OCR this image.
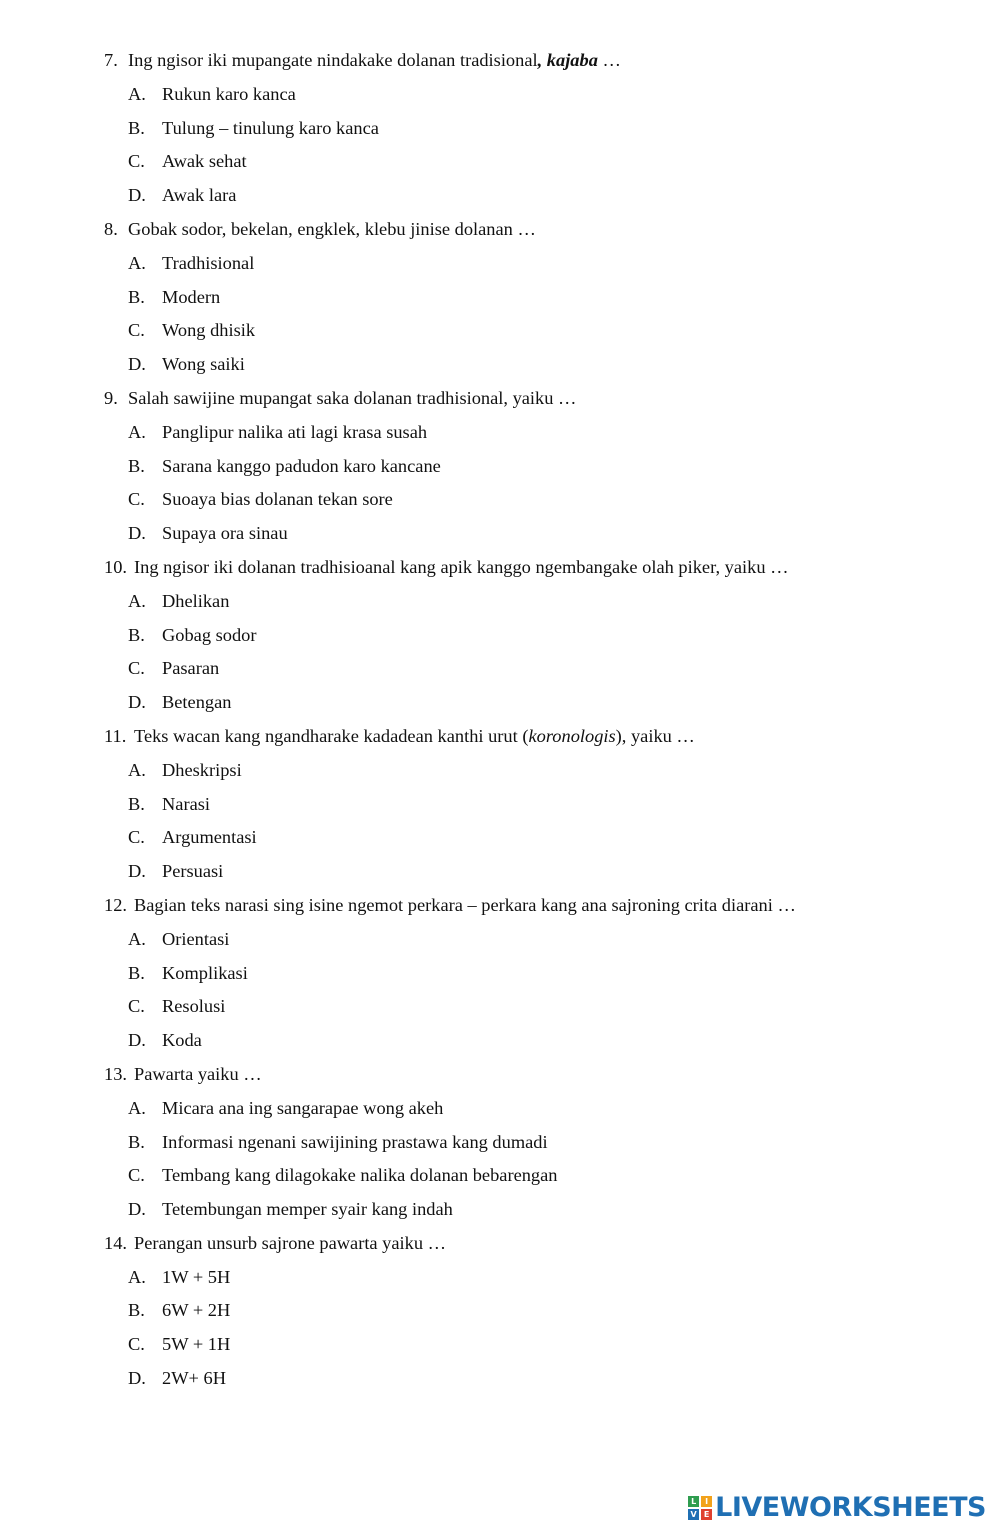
7. Ing ngisor iki mupangate nindakake dolanan tradisional, kajaba …
A. Rukun karo kanca
B. Tulung – tinulung karo kanca
C. Awak sehat
D. Awak lara
8. Gobak sodor, bekelan, engklek, klebu jinise dolanan …
A. Tradhisional
B. Modern
C. Wong dhisik
D. Wong saiki
9. Salah sawijine mupangat saka dolanan tradhisional, yaiku …
A. Panglipur nalika ati lagi krasa susah
B. Sarana kanggo padudon karo kancane
C. Suoaya bias dolanan tekan sore
D. Supaya ora sinau
10. Ing ngisor iki dolanan tradhisioanal kang apik kanggo ngembangake olah piker, yaiku …
A. Dhelikan
B. Gobag sodor
C. Pasaran
D. Betengan
11. Teks wacan kang ngandharake kadadean kanthi urut (koronologis), yaiku …
A. Dheskripsi
B. Narasi
C. Argumentasi
D. Persuasi
12. Bagian teks narasi sing isine ngemot perkara – perkara kang ana sajroning crita diarani …
A. Orientasi
B. Komplikasi
C. Resolusi
D. Koda
13. Pawarta yaiku …
A. Micara ana ing sangarapae wong akeh
B. Informasi ngenani sawijining prastawa kang dumadi
C. Tembang kang dilagokake nalika dolanan bebarengan
D. Tetembungan memper syair kang indah
14. Perangan unsurb sajrone pawarta yaiku …
A. 1W + 5H
B. 6W + 2H
C. 5W + 1H
D. 2W+ 6H
L	I
V E LIVEWORKSHEETS
